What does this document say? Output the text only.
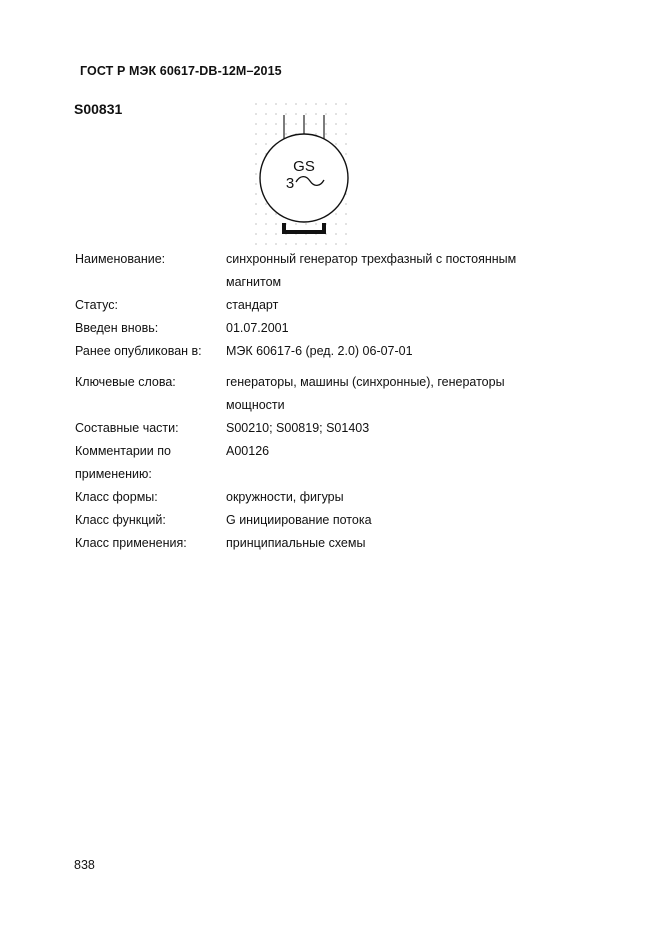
ГОСТ Р МЭК 60617-DB-12M–2015
S00831
GS
3
Наименование:	синхронный генератор трехфазный с постоянным магнитом
Статус:	стандарт
Введен вновь:	01.07.2001
Ранее опубликован в:	МЭК 60617-6 (ред. 2.0) 06-07-01
Ключевые слова:	генераторы, машины (синхронные), генераторы мощности
Составные части:	S00210; S00819; S01403
Комментарии по применению:	A00126
Класс формы:	окружности, фигуры
Класс функций:	G инициирование потока
Класс применения:	принципиальные схемы
838
